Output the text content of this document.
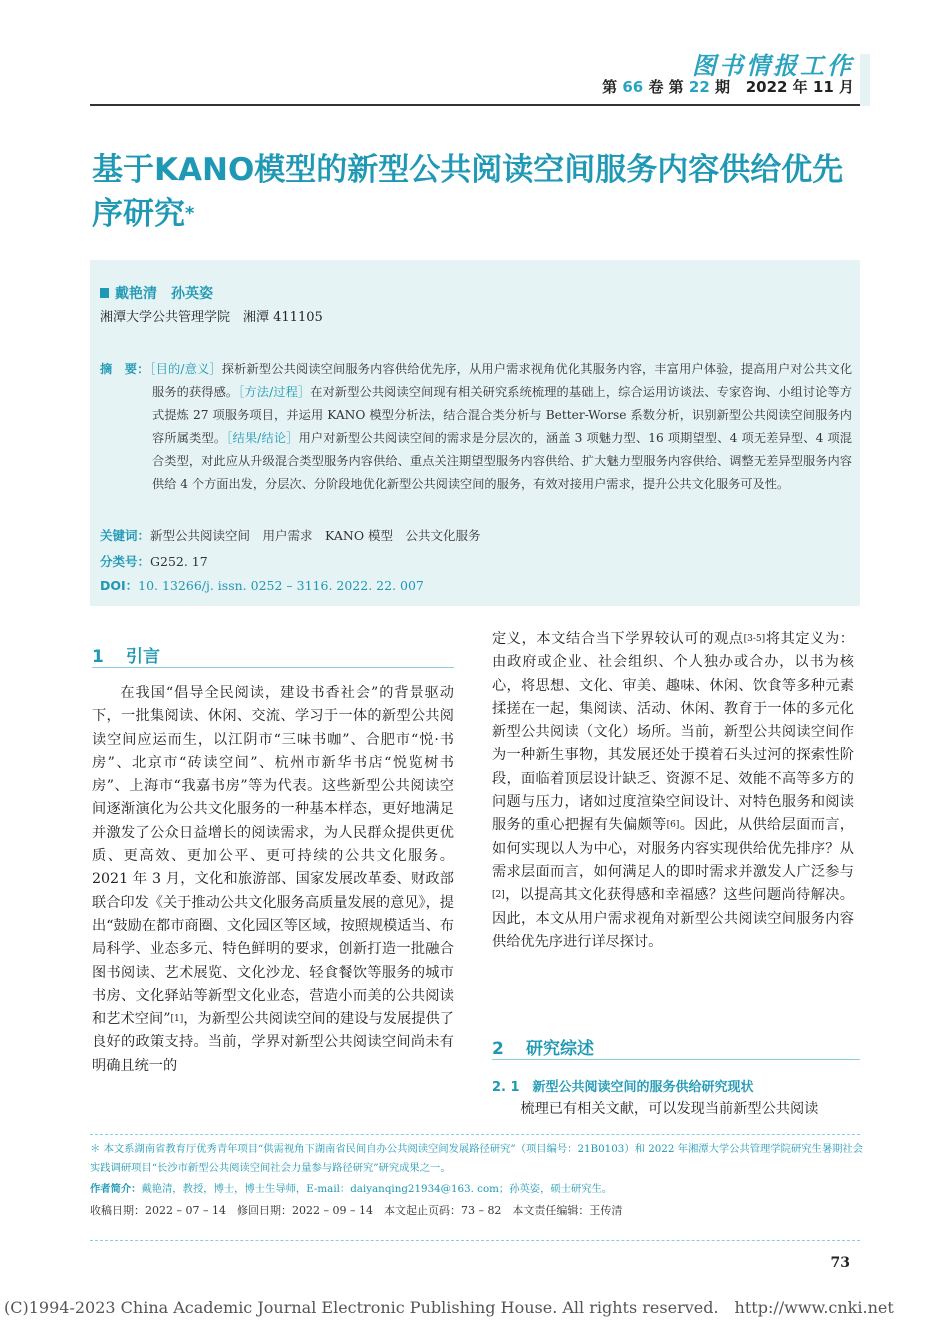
图书情报工作
第 66 卷 第 22 期 2022 年 11 月
基于KANO模型的新型公共阅读空间服务内容供给优先序研究*
戴艳清 孙英姿
湘潭大学公共管理学院　湘潭 411105
摘　要：［目的/意义］探析新型公共阅读空间服务内容供给优先序，从用户需求视角优化其服务内容，丰富用户体验，提高用户对公共文化服务的获得感。［方法/过程］在对新型公共阅读空间现有相关研究系统梳理的基础上，综合运用访谈法、专家咨询、小组讨论等方式提炼 27 项服务项目，并运用 KANO 模型分析法，结合混合类分析与 Better-Worse 系数分析，识别新型公共阅读空间服务内容所属类型。［结果/结论］用户对新型公共阅读空间的需求是分层次的，涵盖 3 项魅力型、16 项期望型、4 项无差异型、4 项混合类型，对此应从升级混合类型服务内容供给、重点关注期望型服务内容供给、扩大魅力型服务内容供给、调整无差异型服务内容供给 4 个方面出发，分层次、分阶段地优化新型公共阅读空间的服务，有效对接用户需求，提升公共文化服务可及性。
关键词：新型公共阅读空间　用户需求　KANO 模型　公共文化服务
分类号：G252. 17
DOI：10. 13266/j. issn. 0252 – 3116. 2022. 22. 007
1 引言

在我国“倡导全民阅读，建设书香社会”的背景驱动下，一批集阅读、休闲、交流、学习于一体的新型公共阅读空间应运而生，以江阴市“三味书咖”、合肥市“悦·书房”、北京市“砖读空间”、杭州市新华书店“悦览树书房”、上海市“我嘉书房”等为代表。这些新型公共阅读空间逐渐演化为公共文化服务的一种基本样态，更好地满足并激发了公众日益增长的阅读需求，为人民群众提供更优质、更高效、更加公平、更可持续的公共文化服务。2021 年 3 月，文化和旅游部、国家发展改革委、财政部联合印发《关于推动公共文化服务高质量发展的意见》，提出“鼓励在都市商圈、文化园区等区域，按照规模适当、布局科学、业态多元、特色鲜明的要求，创新打造一批融合图书阅读、艺术展览、文化沙龙、轻食餐饮等服务的城市书房、文化驿站等新型文化业态，营造小而美的公共阅读和艺术空间”[1]，为新型公共阅读空间的建设与发展提供了良好的政策支持。当前，学界对新型公共阅读空间尚未有明确且统一的

定义，本文结合当下学界较认可的观点[3-5]将其定义为：由政府或企业、社会组织、个人独办或合办，以书为核心，将思想、文化、审美、趣味、休闲、饮食等多种元素揉搓在一起，集阅读、活动、休闲、教育于一体的多元化新型公共阅读（文化）场所。当前，新型公共阅读空间作为一种新生事物，其发展还处于摸着石头过河的探索性阶段，面临着顶层设计缺乏、资源不足、效能不高等多方的问题与压力，诸如过度渲染空间设计、对特色服务和阅读服务的重心把握有失偏颇等[6]。因此，从供给层面而言，如何实现以人为中心，对服务内容实现供给优先排序？从需求层面而言，如何满足人的即时需求并激发人广泛参与[2]，以提高其文化获得感和幸福感？这些问题尚待解决。因此，本文从用户需求视角对新型公共阅读空间服务内容供给优先序进行详尽探讨。

2 研究综述
2. 1　新型公共阅读空间的服务供给研究现状

梳理已有相关文献，可以发现当前新型公共阅读

＊ 本文系湖南省教育厅优秀青年项目“供需视角下湖南省民间自办公共阅读空间发展路径研究”（项目编号：21B0103）和 2022 年湘潭大学公共管理学院研究生暑期社会实践调研项目“长沙市新型公共阅读空间社会力量参与路径研究”研究成果之一。
作者简介：戴艳清，教授，博士，博士生导师，E-mail：daiyanqing21934@163. com；孙英姿，硕士研究生。
收稿日期：2022 – 07 – 14　修回日期：2022 – 09 – 14　本文起止页码：73 – 82　本文责任编辑：王传清
73
(C)1994-2023 China Academic Journal Electronic Publishing House. All rights reserved.　http://www.cnki.net
